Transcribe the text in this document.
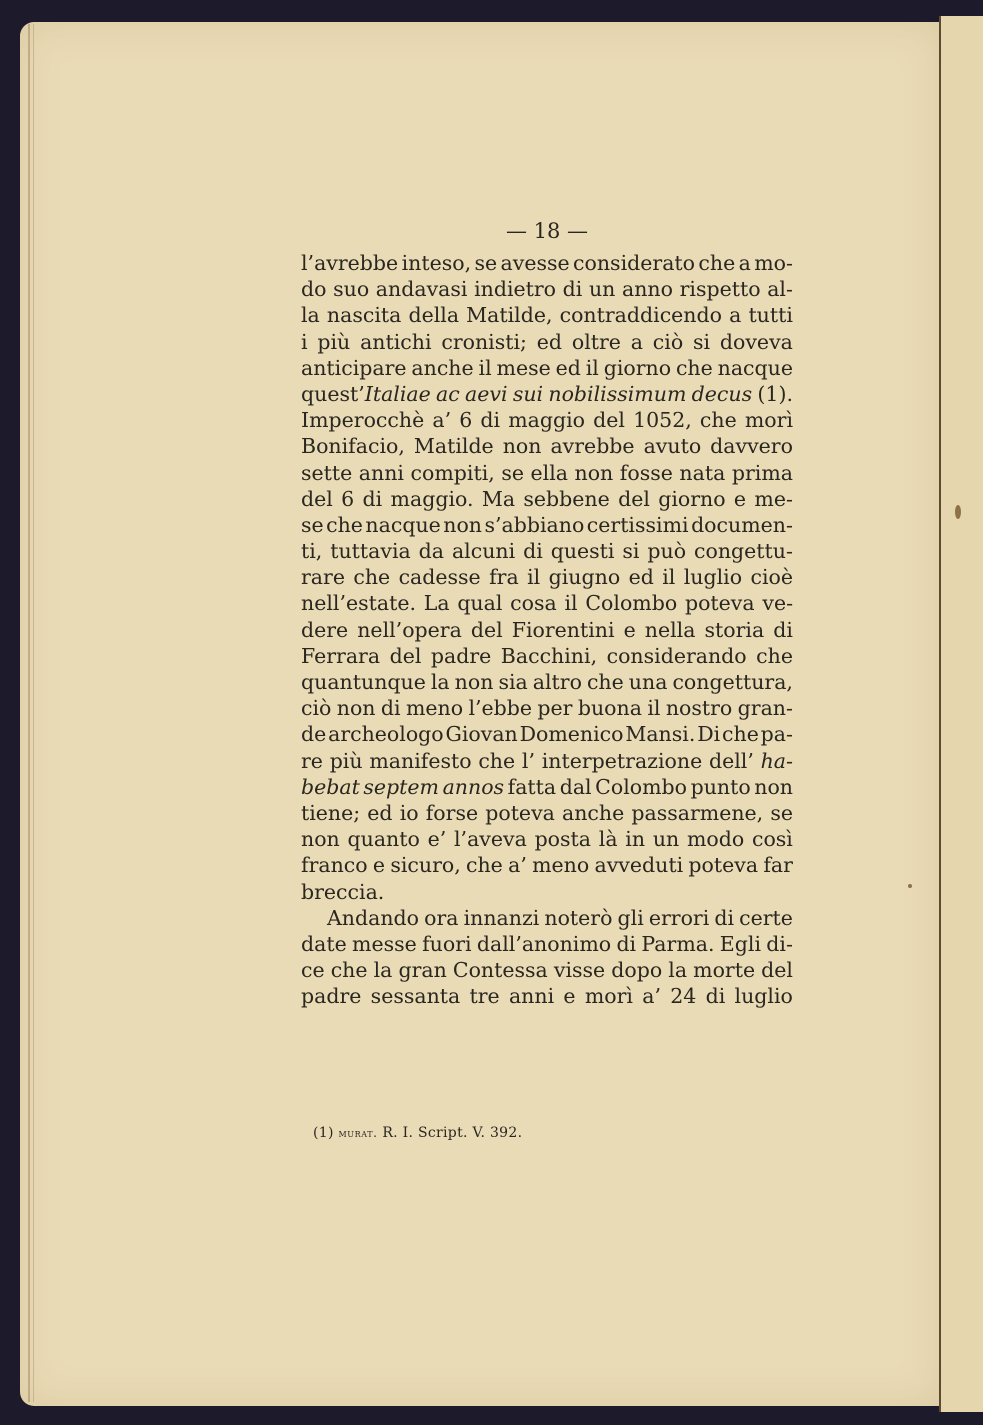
— 18 —
l’avrebbe inteso, se avesse considerato che a mo-
do suo andavasi indietro di un anno rispetto al-
la nascita della Matilde, contraddicendo a tutti
i più antichi cronisti; ed oltre a ciò si doveva
anticipare anche il mese ed il giorno che nacque
quest’Italiae ac aevi sui nobilissimum decus (1).
Imperocchè a’ 6 di maggio del 1052, che morì
Bonifacio, Matilde non avrebbe avuto davvero
sette anni compiti, se ella non fosse nata prima
del 6 di maggio. Ma sebbene del giorno e me-
se che nacque non s’abbiano certissimi documen-
ti, tuttavia da alcuni di questi si può congettu-
rare che cadesse fra il giugno ed il luglio cioè
nell’estate. La qual cosa il Colombo poteva ve-
dere nell’opera del Fiorentini e nella storia di
Ferrara del padre Bacchini, considerando che
quantunque la non sia altro che una congettura,
ciò non di meno l’ebbe per buona il nostro gran-
de archeologo Giovan Domenico Mansi. Di che pa-
re più manifesto che l’ interpetrazione dell’ ha-
bebat septem annos fatta dal Colombo punto non
tiene; ed io forse poteva anche passarmene, se
non quanto e’ l’aveva posta là in un modo così
franco e sicuro, che a’ meno avveduti poteva far
breccia.
Andando ora innanzi noterò gli errori di certe
date messe fuori dall’anonimo di Parma. Egli di-
ce che la gran Contessa visse dopo la morte del
padre sessanta tre anni e morì a’ 24 di luglio
(1) murat. R. I. Script. V. 392.
